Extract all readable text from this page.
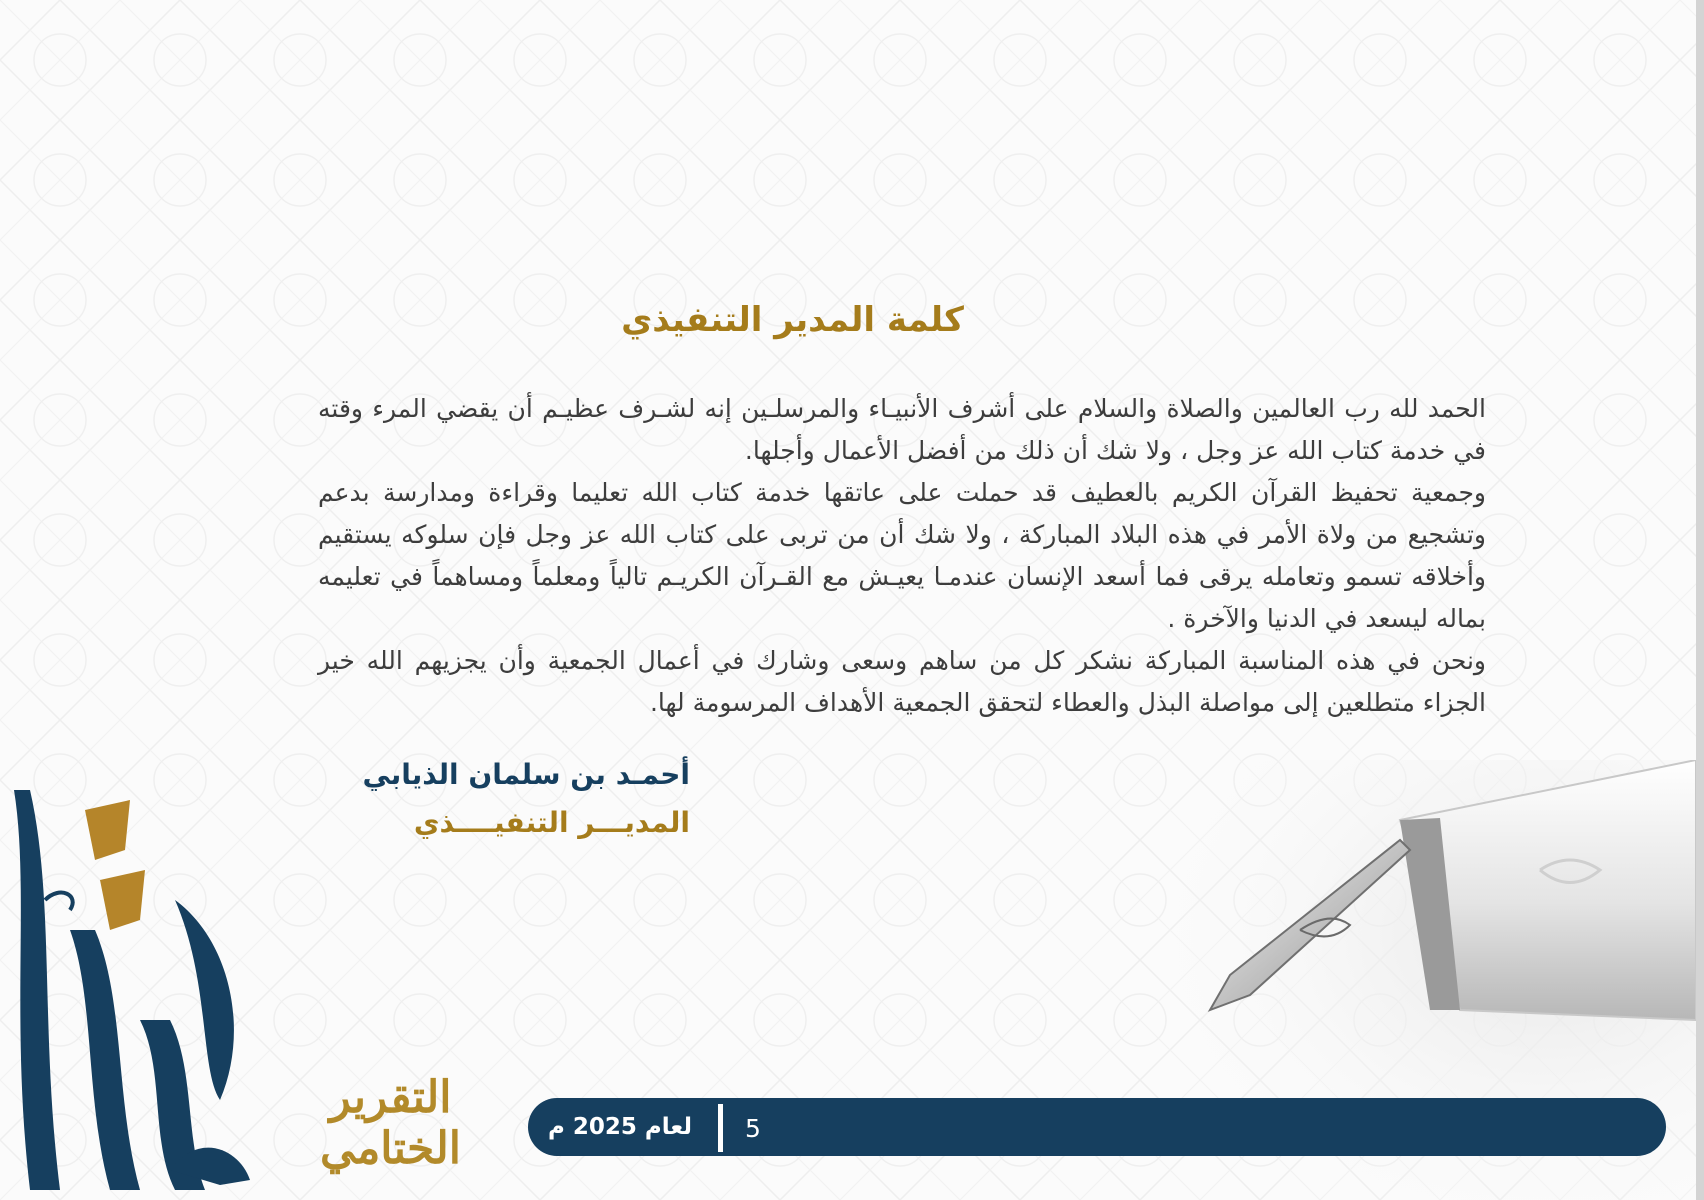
كلمة المدير التنفيذي

الحمد لله رب العالمين والصلاة والسلام على أشرف الأنبيـاء والمرسلـين إنه لشـرف عظيـم أن يقضي المرء وقته في خدمة كتاب الله عز وجل ، ولا شك أن ذلك من أفضل الأعمال وأجلها.

وجمعية تحفيظ القرآن الكريم بالعطيف قد حملت على عاتقها خدمة كتاب الله تعليما وقراءة ومدارسة بدعم وتشجيع من ولاة الأمر في هذه البلاد المباركة ، ولا شك أن من تربى على كتاب الله عز وجل فإن سلوكه يستقيم وأخلاقه تسمو وتعامله يرقى فما أسعد الإنسان عندمـا يعيـش مع القـرآن الكريـم تالياً ومعلماً ومساهماً في تعليمه بماله ليسعد في الدنيا والآخرة .

ونحن في هذه المناسبة المباركة نشكر كل من ساهم وسعى وشارك في أعمال الجمعية وأن يجزيهم الله خير الجزاء متطلعين إلى مواصلة البذل والعطاء لتحقق الجمعية الأهداف المرسومة لها.

أحمـد بن سلمان الذيابي
المديـــر التنفيــــذي
التقرير الختامي	لعام 2025 م 5
